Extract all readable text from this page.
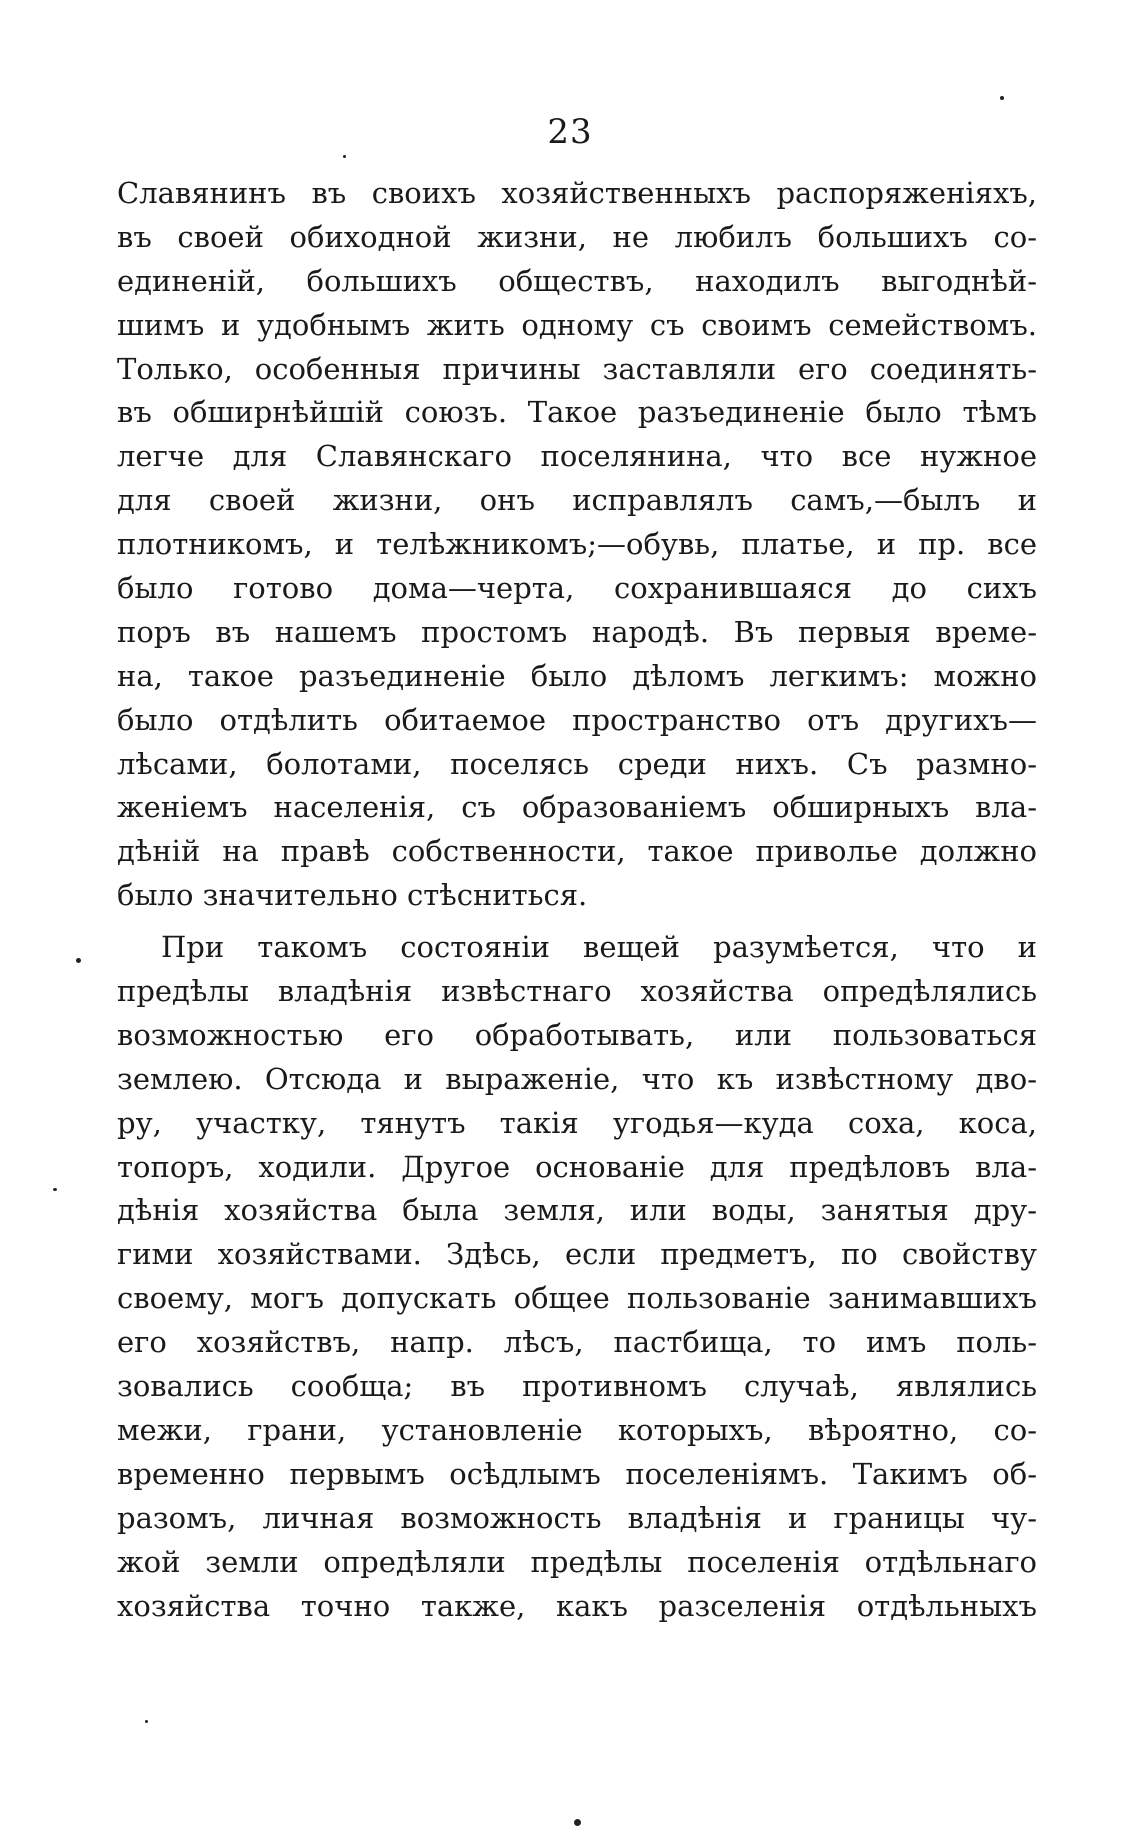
23
Славянинъ въ своихъ хозяйственныхъ распоряженіяхъ,
въ своей обиходной жизни, не любилъ большихъ со-
единеній, большихъ обществъ, находилъ выгоднѣй-
шимъ и удобнымъ жить одному съ своимъ семействомъ.
Только, особенныя причины заставляли его соединять-
въ обширнѣйшій союзъ. Такое разъединеніе было тѣмъ
легче для Славянскаго поселянина, что все нужное
для своей жизни, онъ исправлялъ самъ,—былъ и
плотникомъ, и телѣжникомъ;—обувь, платье, и пр. все
было готово дома—черта, сохранившаяся до сихъ
поръ въ нашемъ простомъ народѣ. Въ первыя време-
на, такое разъединеніе было дѣломъ легкимъ: можно
было отдѣлить обитаемое пространство отъ другихъ—
лѣсами, болотами, поселясь среди нихъ. Съ размно-
женіемъ населенія, съ образованіемъ обширныхъ вла-
дѣній на правѣ собственности, такое приволье должно
было значительно стѣсниться.
При такомъ состояніи вещей разумѣется, что и
предѣлы владѣнія извѣстнаго хозяйства опредѣлялись
возможностью его обработывать, или пользоваться
землею. Отсюда и выраженіе, что къ извѣстному дво-
ру, участку, тянутъ такія угодья—куда соха, коса,
топоръ, ходили. Другое основаніе для предѣловъ вла-
дѣнія хозяйства была земля, или воды, занятыя дру-
гими хозяйствами. Здѣсь, если предметъ, по свойству
своему, могъ допускать общее пользованіе занимавшихъ
его хозяйствъ, напр. лѣсъ, пастбища, то имъ поль-
зовались сообща; въ противномъ случаѣ, являлись
межи, грани, установленіе которыхъ, вѣроятно, со-
временно первымъ осѣдлымъ поселеніямъ. Такимъ об-
разомъ, личная возможность владѣнія и границы чу-
жой земли опредѣляли предѣлы поселенія отдѣльнаго
хозяйства точно также, какъ разселенія отдѣльныхъ
